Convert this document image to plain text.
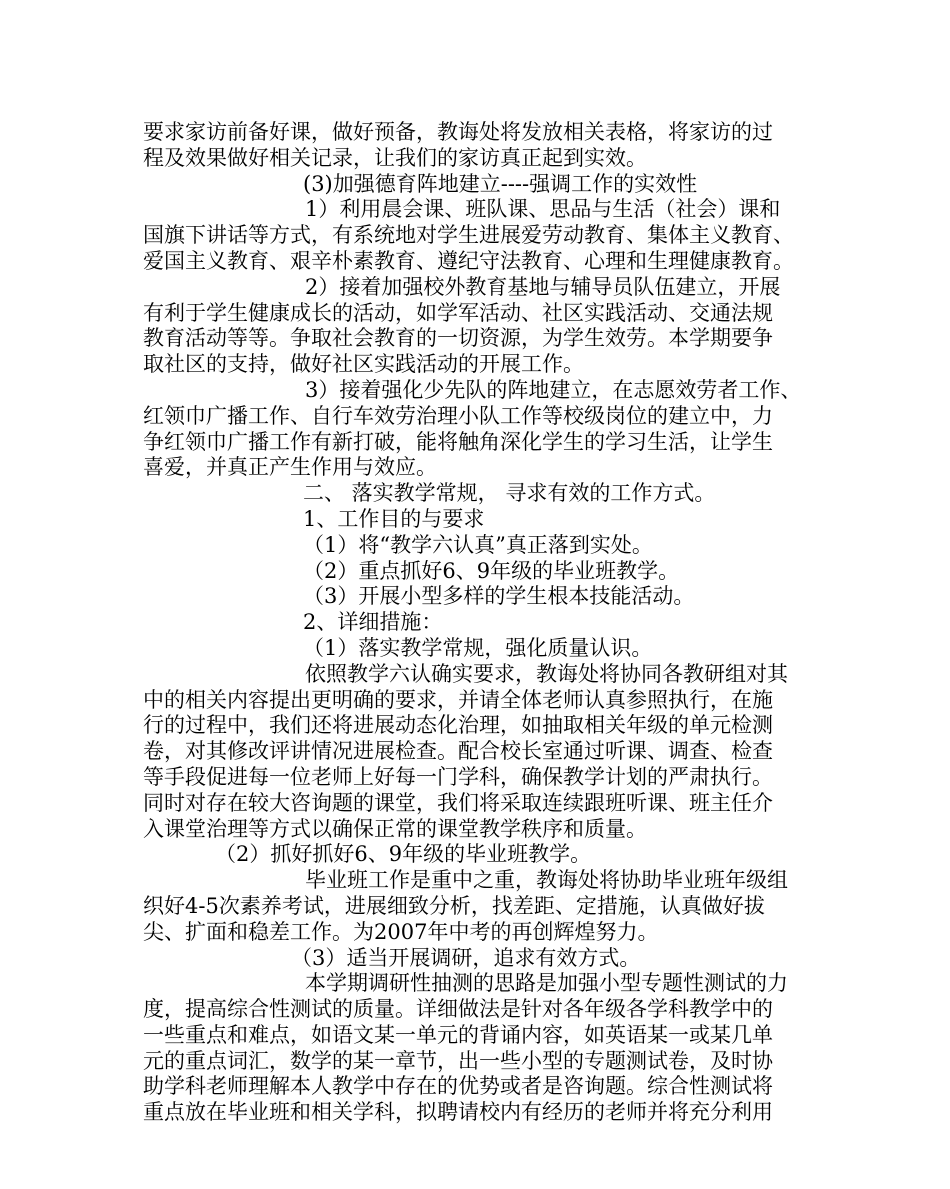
要求家访前备好课，做好预备，教诲处将发放相关表格，将家访的过
程及效果做好相关记录，让我们的家访真正起到实效。
(3)加强德育阵地建立----强调工作的实效性
1）利用晨会课、班队课、思品与生活（社会）课和
国旗下讲话等方式，有系统地对学生进展爱劳动教育、集体主义教育、
爱国主义教育、艰辛朴素教育、遵纪守法教育、心理和生理健康教育。
2）接着加强校外教育基地与辅导员队伍建立，开展
有利于学生健康成长的活动，如学军活动、社区实践活动、交通法规
教育活动等等。争取社会教育的一切资源，为学生效劳。本学期要争
取社区的支持，做好社区实践活动的开展工作。
3）接着强化少先队的阵地建立，在志愿效劳者工作、
红领巾广播工作、自行车效劳治理小队工作等校级岗位的建立中，力
争红领巾广播工作有新打破，能将触角深化学生的学习生活，让学生
喜爱，并真正产生作用与效应。
二、 落实教学常规， 寻求有效的工作方式。
1、工作目的与要求
（1）将“教学六认真”真正落到实处。
（2）重点抓好6、9年级的毕业班教学。
（3）开展小型多样的学生根本技能活动。
2、详细措施：
（1）落实教学常规，强化质量认识。
依照教学六认确实要求，教诲处将协同各教研组对其
中的相关内容提出更明确的要求，并请全体老师认真参照执行，在施
行的过程中，我们还将进展动态化治理，如抽取相关年级的单元检测
卷，对其修改评讲情况进展检查。配合校长室通过听课、调查、检查
等手段促进每一位老师上好每一门学科，确保教学计划的严肃执行。
同时对存在较大咨询题的课堂，我们将采取连续跟班听课、班主任介
入课堂治理等方式以确保正常的课堂教学秩序和质量。
（2）抓好抓好6、9年级的毕业班教学。
毕业班工作是重中之重，教诲处将协助毕业班年级组
织好4-5次素养考试，进展细致分析，找差距、定措施，认真做好拔
尖、扩面和稳差工作。为2007年中考的再创辉煌努力。
（3）适当开展调研，追求有效方式。
本学期调研性抽测的思路是加强小型专题性测试的力
度，提高综合性测试的质量。详细做法是针对各年级各学科教学中的
一些重点和难点，如语文某一单元的背诵内容，如英语某一或某几单
元的重点词汇，数学的某一章节，出一些小型的专题测试卷，及时协
助学科老师理解本人教学中存在的优势或者是咨询题。综合性测试将
重点放在毕业班和相关学科，拟聘请校内有经历的老师并将充分利用
